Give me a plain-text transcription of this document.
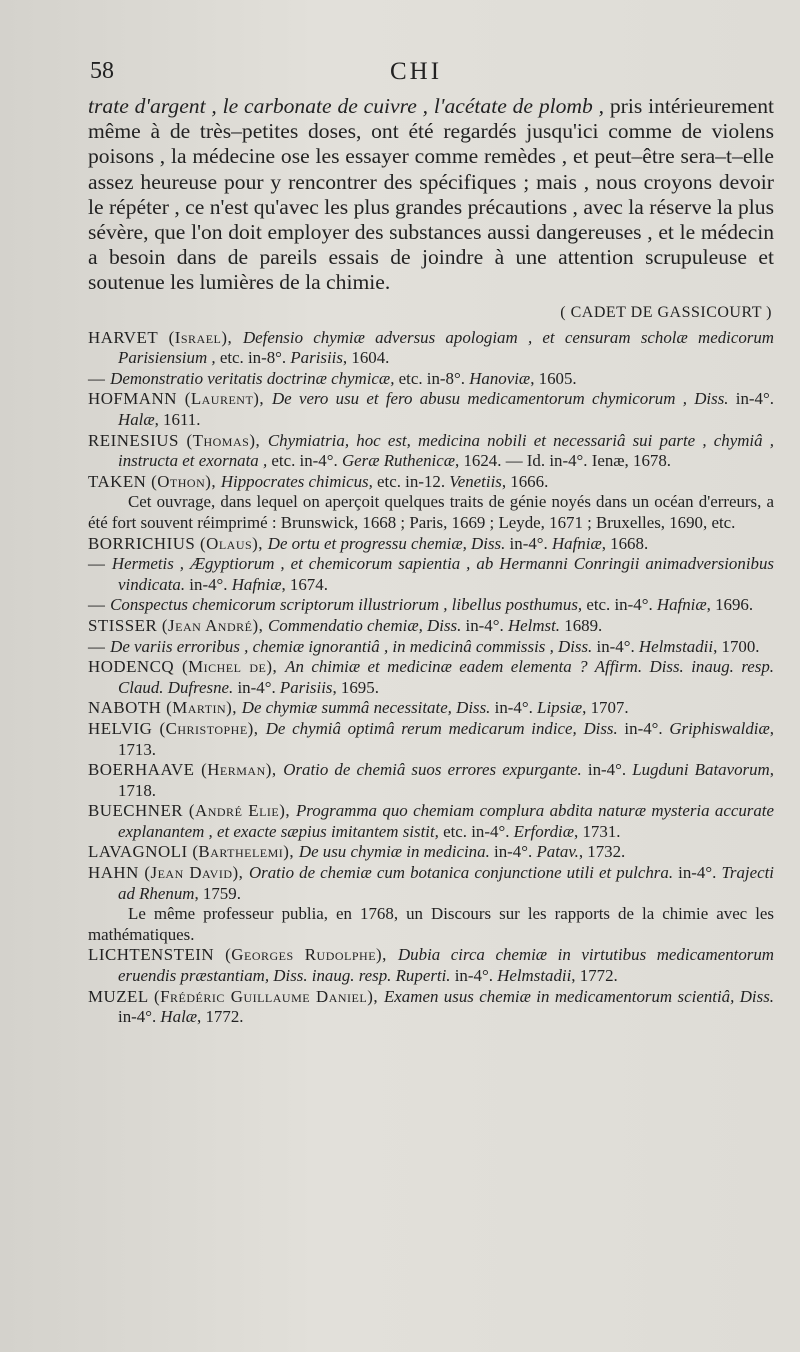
58	CHI

trate d'argent , le carbonate de cuivre , l'acétate de plomb , pris intérieurement même à de très–petites doses, ont été regardés jusqu'ici comme de violens poisons , la médecine ose les essayer comme remèdes , et peut–être sera–t–elle assez heureuse pour y rencontrer des spécifiques ; mais , nous croyons devoir le répéter , ce n'est qu'avec les plus grandes précautions , avec la réserve la plus sévère, que l'on doit employer des substances aussi dangereuses , et le médecin a besoin dans de pareils essais de joindre à une attention scrupuleuse et soutenue les lumières de la chimie.

( CADET DE GASSICOURT )

HARVET (Israel), Defensio chymiæ adversus apologiam , et censuram scholæ medicorum Parisiensium , etc. in-8°. Parisiis, 1604.

— Demonstratio veritatis doctrinæ chymicæ, etc. in-8°. Hanoviæ, 1605.

HOFMANN (Laurent), De vero usu et fero abusu medicamentorum chymicorum , Diss. in-4°. Halæ, 1611.

REINESIUS (Thomas), Chymiatria, hoc est, medicina nobili et necessariâ sui parte , chymiâ , instructa et exornata , etc. in-4°. Geræ Ruthenicæ, 1624. — Id. in-4°. Ienæ, 1678.

TAKEN (Othon), Hippocrates chimicus, etc. in-12. Venetiis, 1666.

Cet ouvrage, dans lequel on aperçoit quelques traits de génie noyés dans un océan d'erreurs, a été fort souvent réimprimé : Brunswick, 1668 ; Paris, 1669 ; Leyde, 1671 ; Bruxelles, 1690, etc.

BORRICHIUS (Olaus), De ortu et progressu chemiæ, Diss. in-4°. Hafniæ, 1668.

— Hermetis , Ægyptiorum , et chemicorum sapientia , ab Hermanni Conringii animadversionibus vindicata. in-4°. Hafniæ, 1674.

— Conspectus chemicorum scriptorum illustriorum , libellus posthumus, etc. in-4°. Hafniæ, 1696.

STISSER (Jean André), Commendatio chemiæ, Diss. in-4°. Helmst. 1689.

— De variis erroribus , chemiæ ignorantiâ , in medicinâ commissis , Diss. in-4°. Helmstadii, 1700.

HODENCQ (Michel de), An chimiæ et medicinæ eadem elementa ? Affirm. Diss. inaug. resp. Claud. Dufresne. in-4°. Parisiis, 1695.

NABOTH (Martin), De chymiæ summâ necessitate, Diss. in-4°. Lipsiæ, 1707.

HELVIG (Christophe), De chymiâ optimâ rerum medicarum indice, Diss. in-4°. Griphiswaldiæ, 1713.

BOERHAAVE (Herman), Oratio de chemiâ suos errores expurgante. in-4°. Lugduni Batavorum, 1718.

BUECHNER (André Elie), Programma quo chemiam complura abdita naturæ mysteria accurate explanantem , et exacte sæpius imitantem sistit, etc. in-4°. Erfordiæ, 1731.

LAVAGNOLI (Barthelemi), De usu chymiæ in medicina. in-4°. Patav., 1732.

HAHN (Jean David), Oratio de chemiæ cum botanica conjunctione utili et pulchra. in-4°. Trajecti ad Rhenum, 1759.

Le même professeur publia, en 1768, un Discours sur les rapports de la chimie avec les mathématiques.

LICHTENSTEIN (Georges Rudolphe), Dubia circa chemiæ in virtutibus medicamentorum eruendis præstantiam, Diss. inaug. resp. Ruperti. in-4°. Helmstadii, 1772.

MUZEL (Frédéric Guillaume Daniel), Examen usus chemiæ in medicamentorum scientiâ, Diss. in-4°. Halæ, 1772.
